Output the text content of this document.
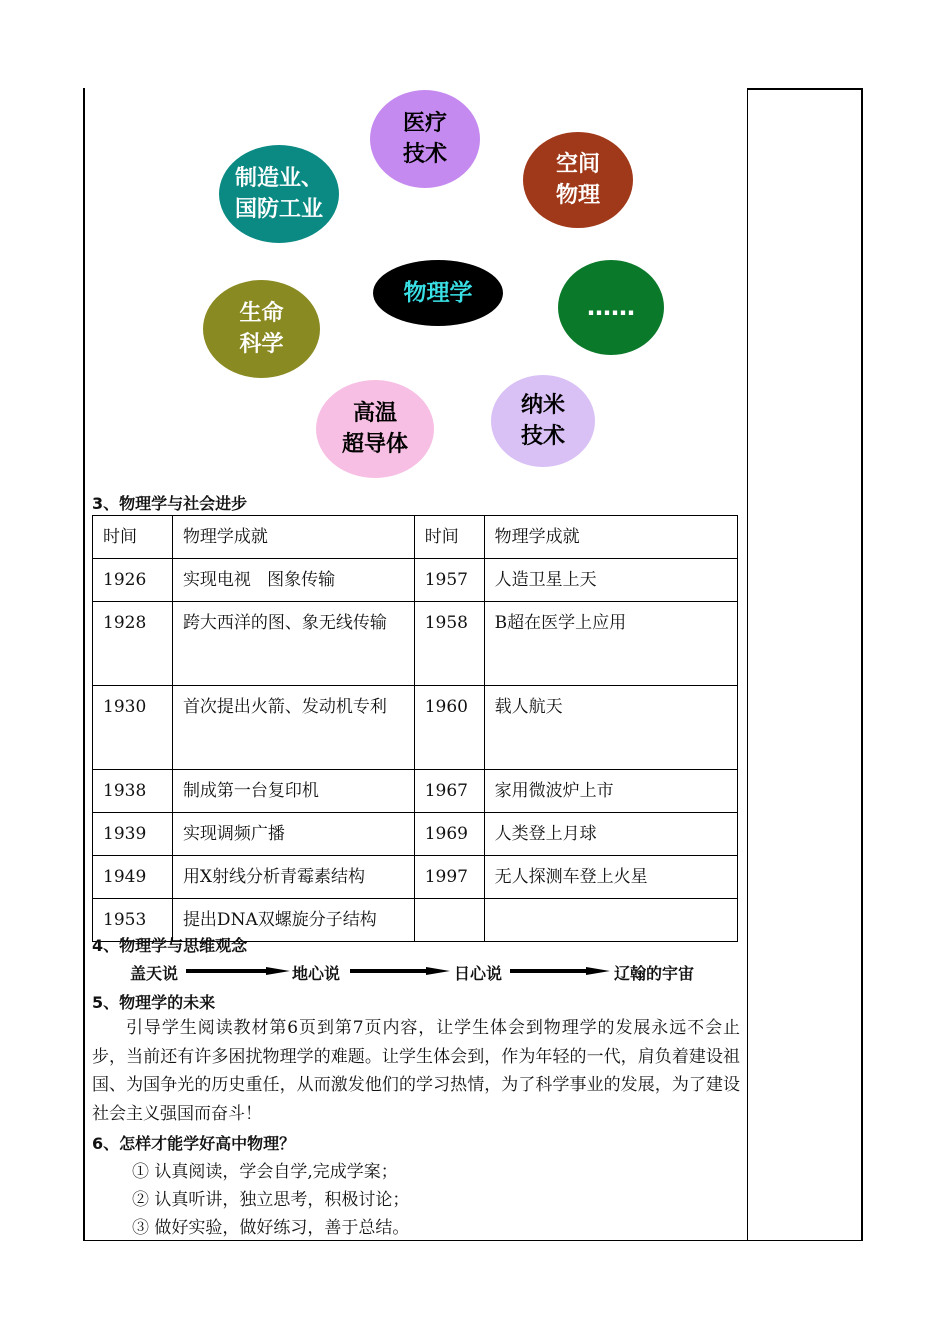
医疗
技术	空间
物理
制造业、
国防工业
物理学
……
生命
科学
纳米
技术
高温
超导体
3、物理学与社会进步
时间	物理学成就	时间	物理学成就
1926	实现电视   图象传输	1957	人造卫星上天
1928	跨大西洋的图、象无线传输	1958	B超在医学上应用
1930	首次提出火箭、发动机专利	1960	载人航天
1938	制成第一台复印机	1967	家用微波炉上市
1939	实现调频广播	1969	人类登上月球
1949	用X射线分析青霉素结构	1997	无人探测车登上火星
1953	提出DNA双螺旋分子结构		
4、物理学与思维观念
盖天说	地心说	日心说	辽翰的宇宙
5、物理学的未来
引导学生阅读教材第6页到第7页内容，让学生体会到物理学的发展永远不会止步，当前还有许多困扰物理学的难题。让学生体会到，作为年轻的一代，肩负着建设祖国、为国争光的历史重任，从而激发他们的学习热情，为了科学事业的发展，为了建设社会主义强国而奋斗！
6、怎样才能学好高中物理？
① 认真阅读，学会自学,完成学案；
② 认真听讲，独立思考，积极讨论；
③ 做好实验，做好练习，善于总结。
